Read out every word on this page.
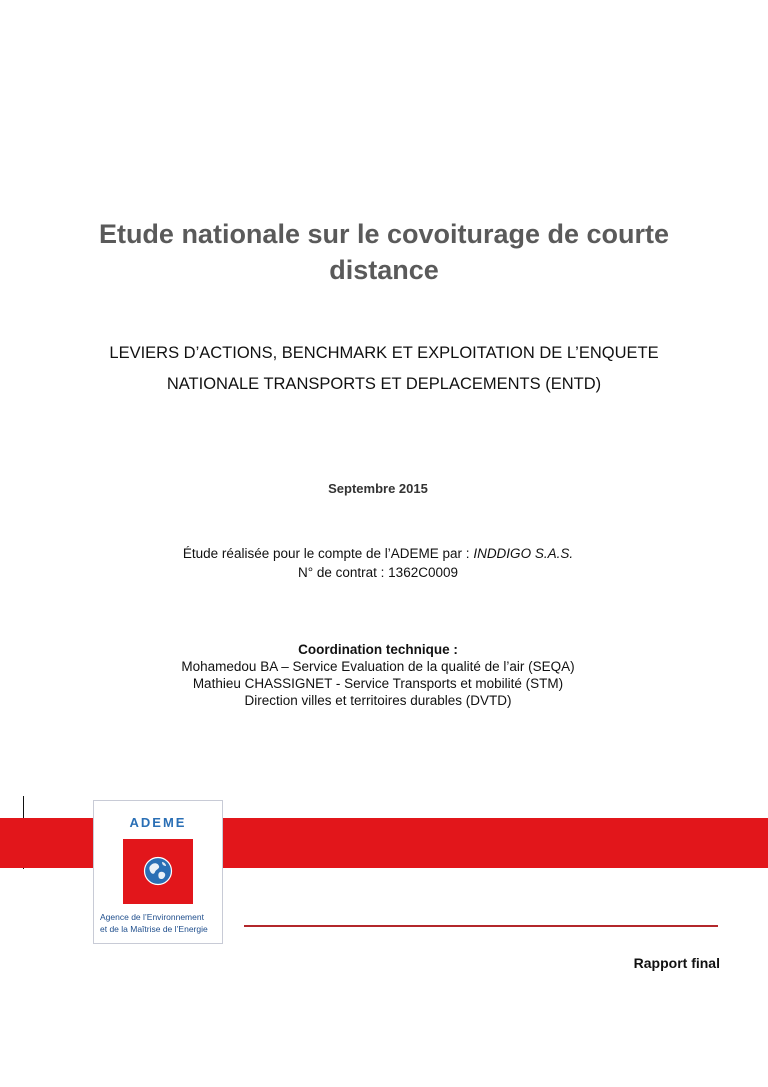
Etude nationale sur le covoiturage de courte
distance
LEVIERS D’ACTIONS, BENCHMARK ET EXPLOITATION DE L’ENQUETE
NATIONALE TRANSPORTS ET DEPLACEMENTS (ENTD)
Septembre 2015
Étude réalisée pour le compte de l’ADEME par : INDDIGO S.A.S.
N° de contrat : 1362C0009
Coordination technique :
Mohamedou BA – Service Evaluation de la qualité de l’air (SEQA)
Mathieu CHASSIGNET - Service Transports et mobilité (STM)
Direction villes et territoires durables (DVTD)
ADEME
Agence de l’Environnement
et de la Maîtrise de l’Energie
Rapport final
